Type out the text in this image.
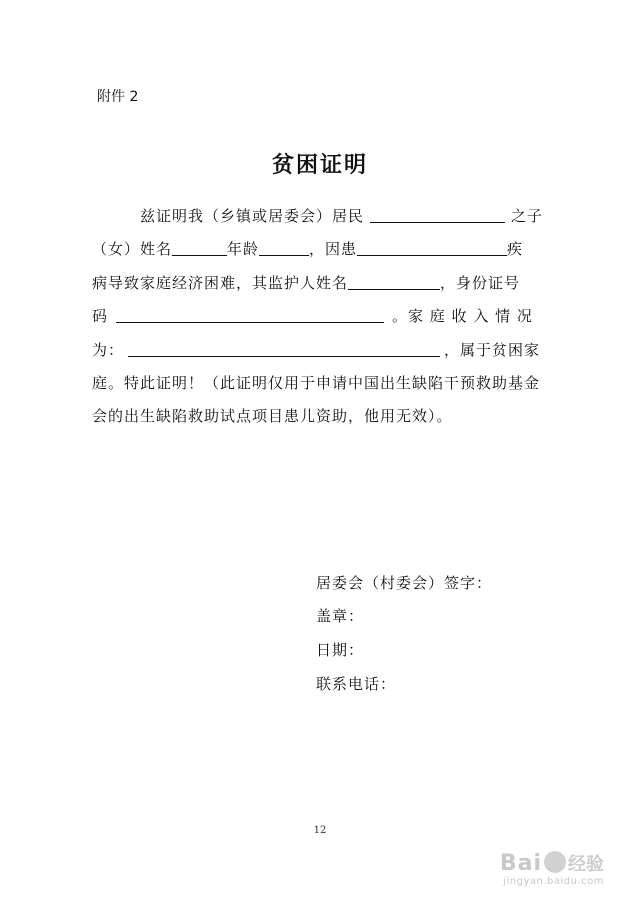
附件 2
贫困证明
兹证明我（乡镇或居委会）居民	之子
（女）姓名	年龄	，因患	疾
病导致家庭经济困难，其监护人姓名	，身份证号
码	。家 庭 收 入 情 况
为：	，属于贫困家
庭。特此证明！（此证明仅用于申请中国出生缺陷干预救助基金
会的出生缺陷救助试点项目患儿资助，他用无效）。
居委会（村委会）签字：
盖章：
日期：
联系电话：
12
Bai 经验
jingyan.baidu.com
